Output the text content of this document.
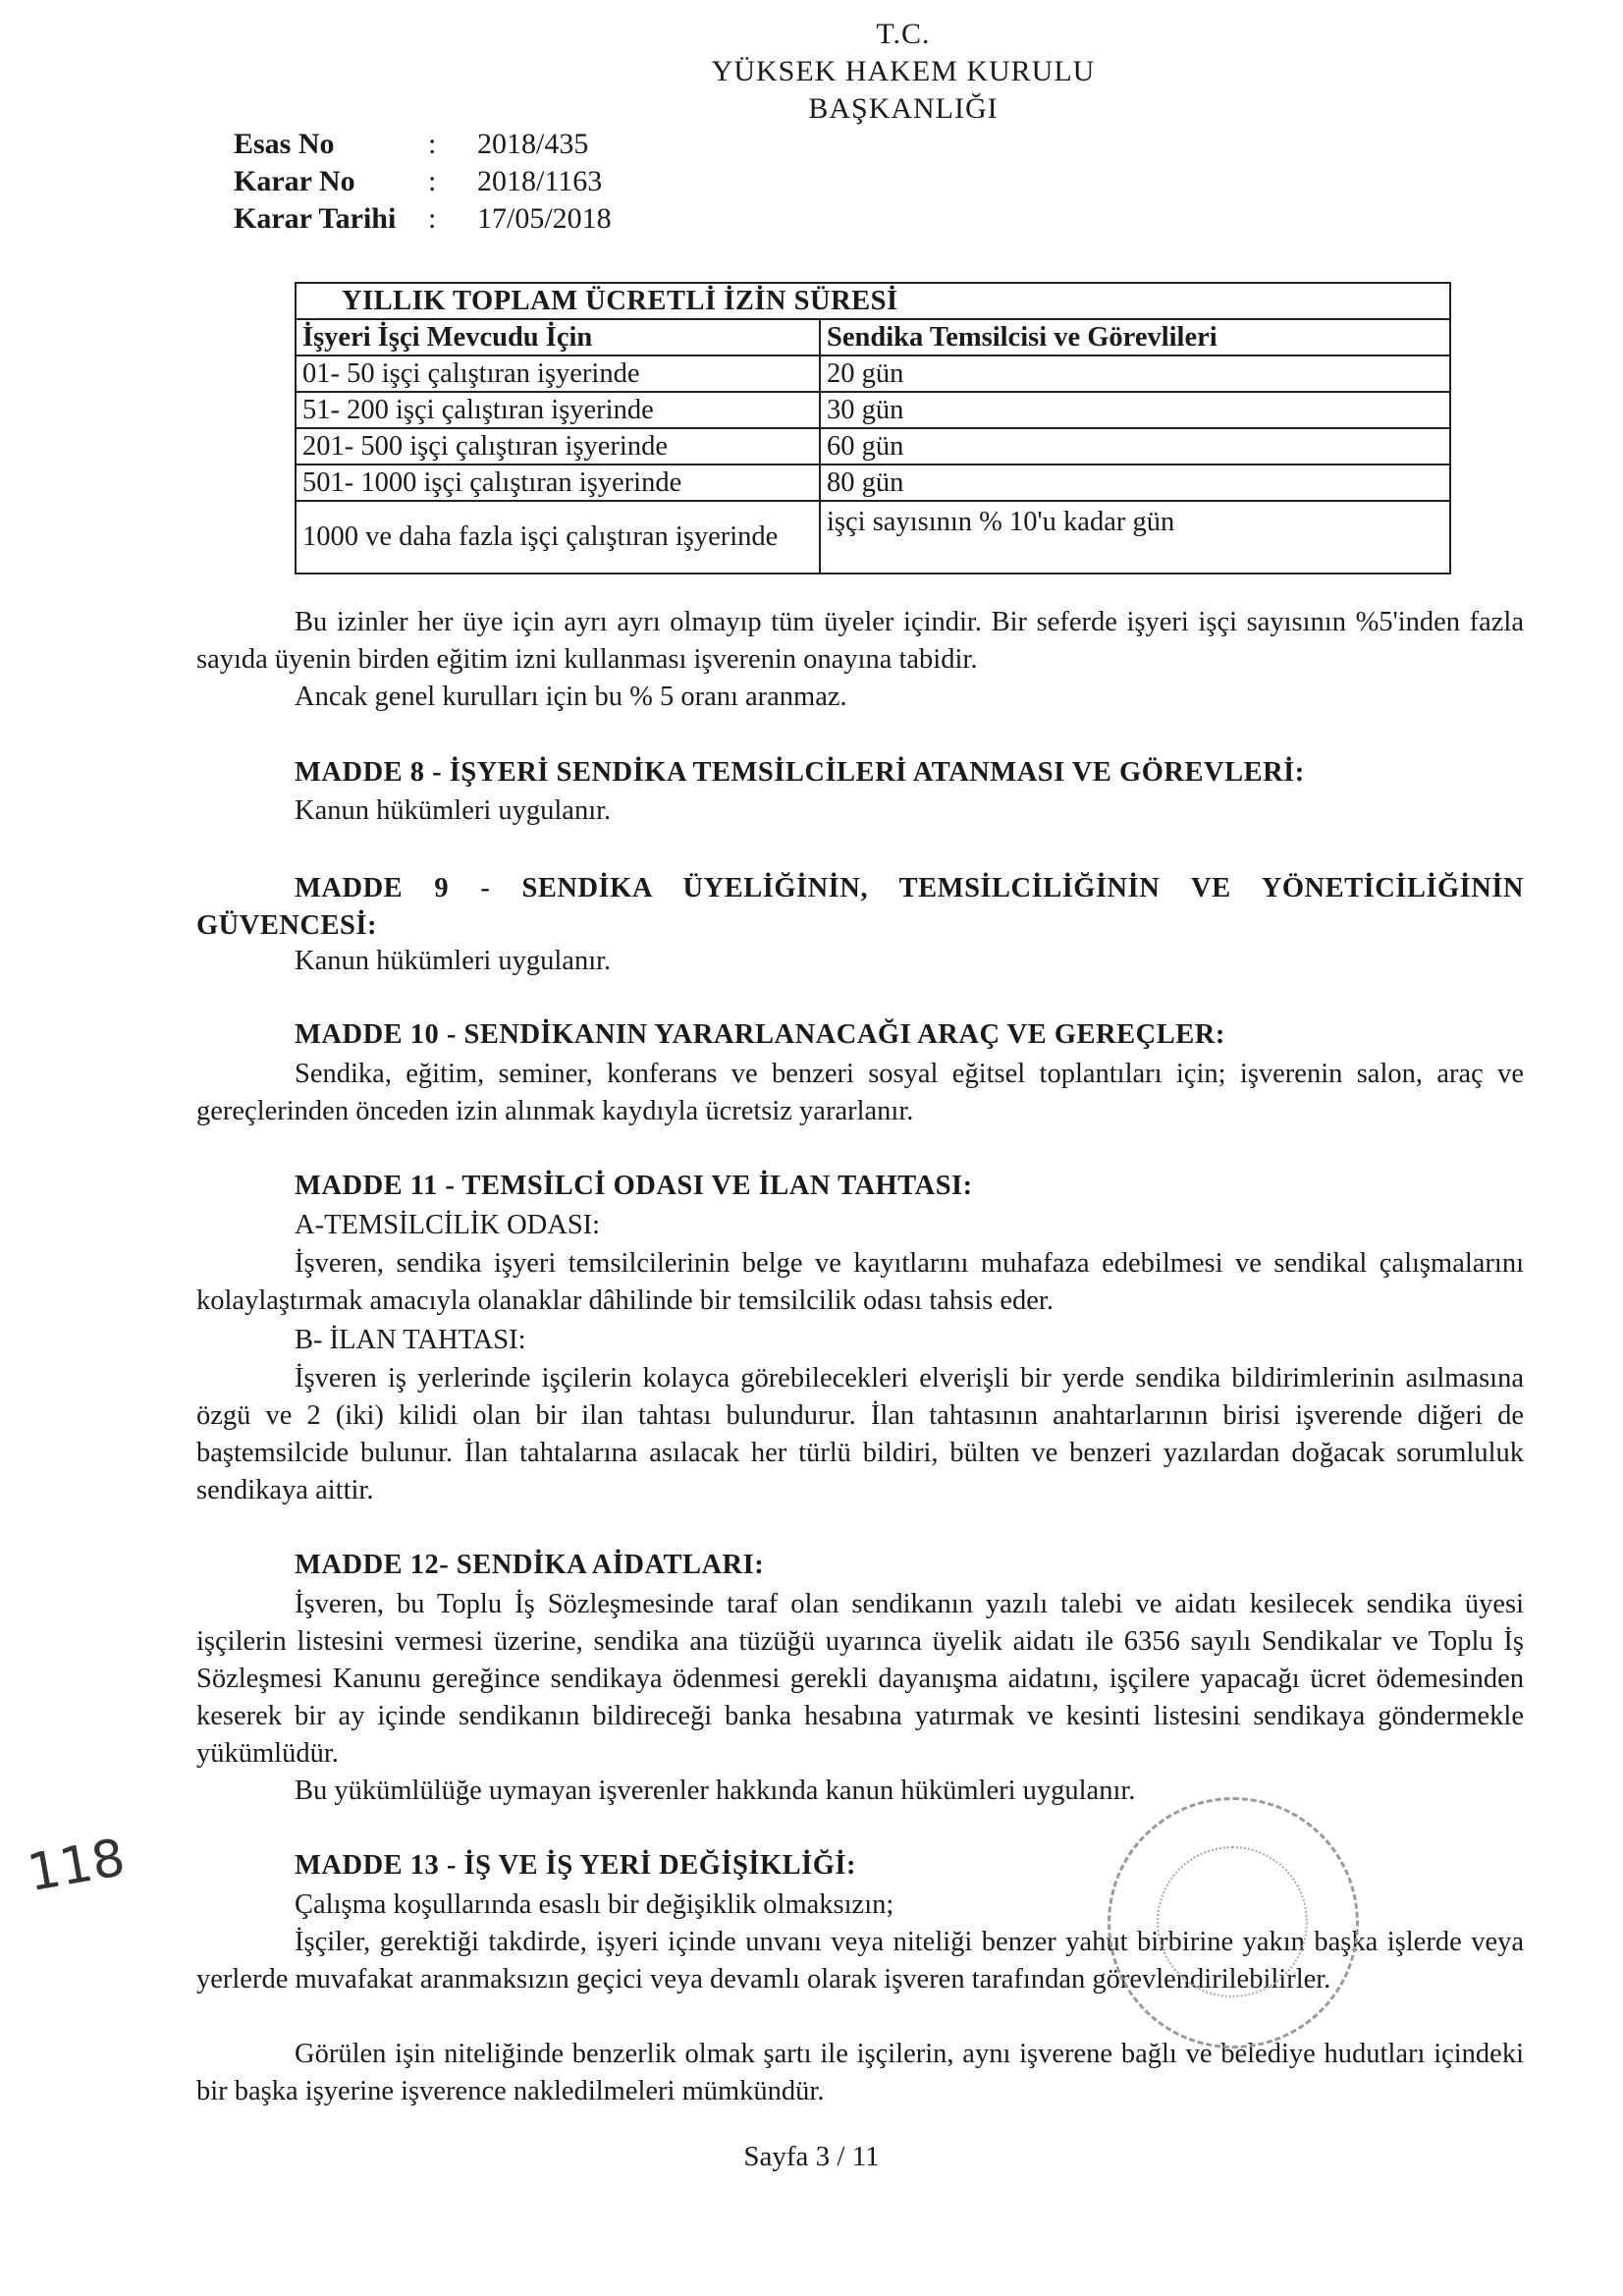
T.C.
YÜKSEK HAKEM KURULU
BAŞKANLIĞI
Esas No	: 2018/435
Karar No : 2018/1163
Karar Tarihi : 17/05/2018
YILLIK TOPLAM ÜCRETLİ İZİN SÜRESİ	
İşyeri İşçi Mevcudu İçin	Sendika Temsilcisi ve Görevlileri
01- 50 işçi çalıştıran işyerinde	20 gün
51- 200 işçi çalıştıran işyerinde	30 gün
201- 500 işçi çalıştıran işyerinde	60 gün
501- 1000 işçi çalıştıran işyerinde	80 gün
1000 ve daha fazla işçi çalıştıran işyerinde	işçi sayısının % 10'u kadar gün
Bu izinler her üye için ayrı ayrı olmayıp tüm üyeler içindir. Bir seferde işyeri işçi sayısının %5'inden fazla sayıda üyenin birden eğitim izni kullanması işverenin onayına tabidir.
Ancak genel kurulları için bu % 5 oranı aranmaz.
MADDE 8 - İŞYERİ SENDİKA TEMSİLCİLERİ ATANMASI VE GÖREVLERİ:
Kanun hükümleri uygulanır.
MADDE 9 - SENDİKA ÜYELİĞİNİN, TEMSİLCİLİĞİNİN VE YÖNETİCİLİĞİNİN GÜVENCESİ:
Kanun hükümleri uygulanır.
MADDE 10 - SENDİKANIN YARARLANACAĞI ARAÇ VE GEREÇLER:
Sendika, eğitim, seminer, konferans ve benzeri sosyal eğitsel toplantıları için; işverenin salon, araç ve gereçlerinden önceden izin alınmak kaydıyla ücretsiz yararlanır.
MADDE 11 - TEMSİLCİ ODASI VE İLAN TAHTASI:
A-TEMSİLCİLİK ODASI:
İşveren, sendika işyeri temsilcilerinin belge ve kayıtlarını muhafaza edebilmesi ve sendikal çalışmalarını kolaylaştırmak amacıyla olanaklar dâhilinde bir temsilcilik odası tahsis eder.
B- İLAN TAHTASI:
İşveren iş yerlerinde işçilerin kolayca görebilecekleri elverişli bir yerde sendika bildirimlerinin asılmasına özgü ve 2 (iki) kilidi olan bir ilan tahtası bulundurur. İlan tahtasının anahtarlarının birisi işverende diğeri de baştemsilcide bulunur. İlan tahtalarına asılacak her türlü bildiri, bülten ve benzeri yazılardan doğacak sorumluluk sendikaya aittir.
MADDE 12- SENDİKA AİDATLARI:
İşveren, bu Toplu İş Sözleşmesinde taraf olan sendikanın yazılı talebi ve aidatı kesilecek sendika üyesi işçilerin listesini vermesi üzerine, sendika ana tüzüğü uyarınca üyelik aidatı ile 6356 sayılı Sendikalar ve Toplu İş Sözleşmesi Kanunu gereğince sendikaya ödenmesi gerekli dayanışma aidatını, işçilere yapacağı ücret ödemesinden keserek bir ay içinde sendikanın bildireceği banka hesabına yatırmak ve kesinti listesini sendikaya göndermekle yükümlüdür.
Bu yükümlülüğe uymayan işverenler hakkında kanun hükümleri uygulanır.
MADDE 13 - İŞ VE İŞ YERİ DEĞİŞİKLİĞİ:
Çalışma koşullarında esaslı bir değişiklik olmaksızın;
İşçiler, gerektiği takdirde, işyeri içinde unvanı veya niteliği benzer yahut birbirine yakın başka işlerde veya yerlerde muvafakat aranmaksızın geçici veya devamlı olarak işveren tarafından görevlendirilebilirler.
Görülen işin niteliğinde benzerlik olmak şartı ile işçilerin, aynı işverene bağlı ve belediye hudutları içindeki bir başka işyerine işverence nakledilmeleri mümkündür.
118
Sayfa 3 / 11
